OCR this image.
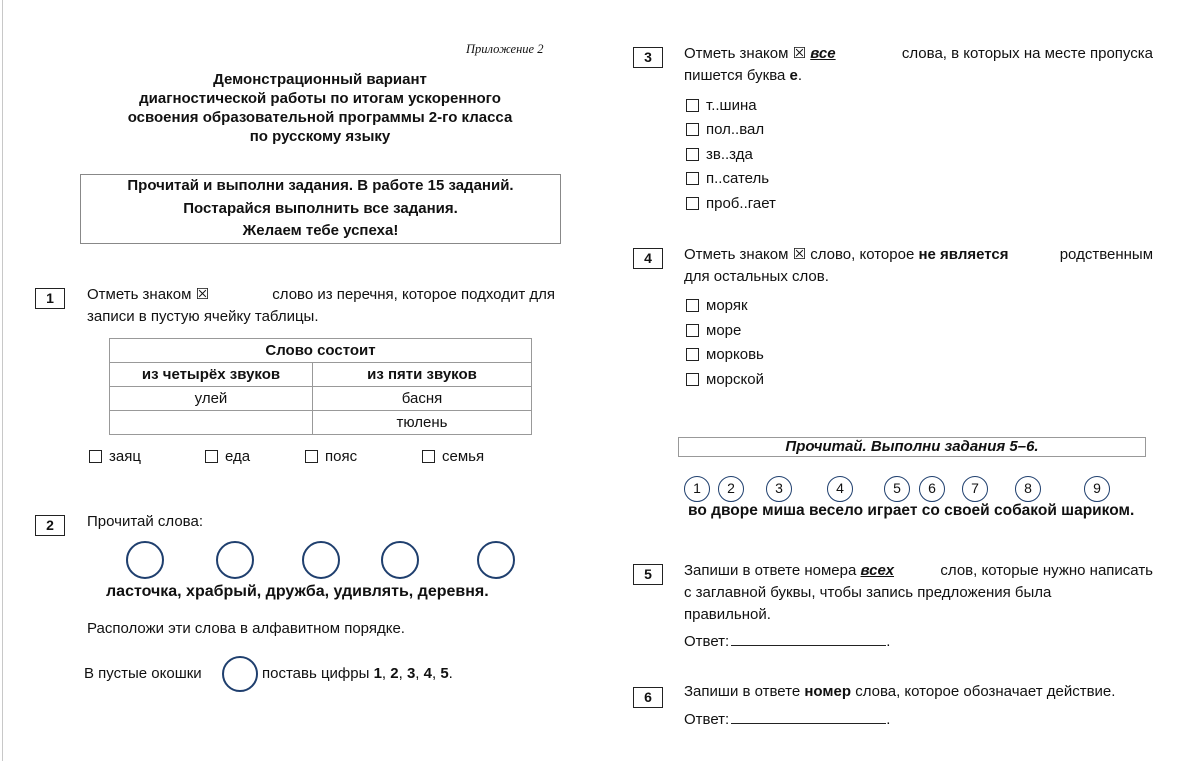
Приложение 2
Демонстрационный вариант
диагностической работы по итогам ускоренного
освоения образовательной программы 2-го класса
по русскому языку
Прочитай и выполни задания. В работе 15 заданий.
Постарайся выполнить все задания.
Желаем тебе успеха!
1	Отметь знаком ☒	слово из перечня, которое подходит для
записи в пустую ячейку таблицы.
Слово состоит	
из четырёх звуков	из пяти звуков
улей	басня
	тюлень
заяц	еда	пояс	семья
2	Прочитай слова:
ласточка, храбрый, дружба, удивлять, деревня.
Расположи эти слова в алфавитном порядке.
В пустые окошки	поставь цифры 1, 2, 3, 4, 5.
3	Отметь знаком ☒ все	слова, в которых на месте пропуска
пишется буква е.
т..шина
пол..вал
зв..зда
п..сатель
проб..гает
4	Отметь знаком ☒ слово, которое не является	родственным
для остальных слов.
моряк
море
морковь
морской
Прочитай. Выполни задания 5–6.
1	2	3	4	5	6	7	8	9
во дворе миша весело играет со своей собакой шариком.
5	Запиши в ответе номера всех	слов, которые нужно написать
с заглавной буквы, чтобы запись предложения была
правильной.
Ответ:	.
6	Запиши в ответе номер слова, которое обозначает действие.
Ответ:	.
